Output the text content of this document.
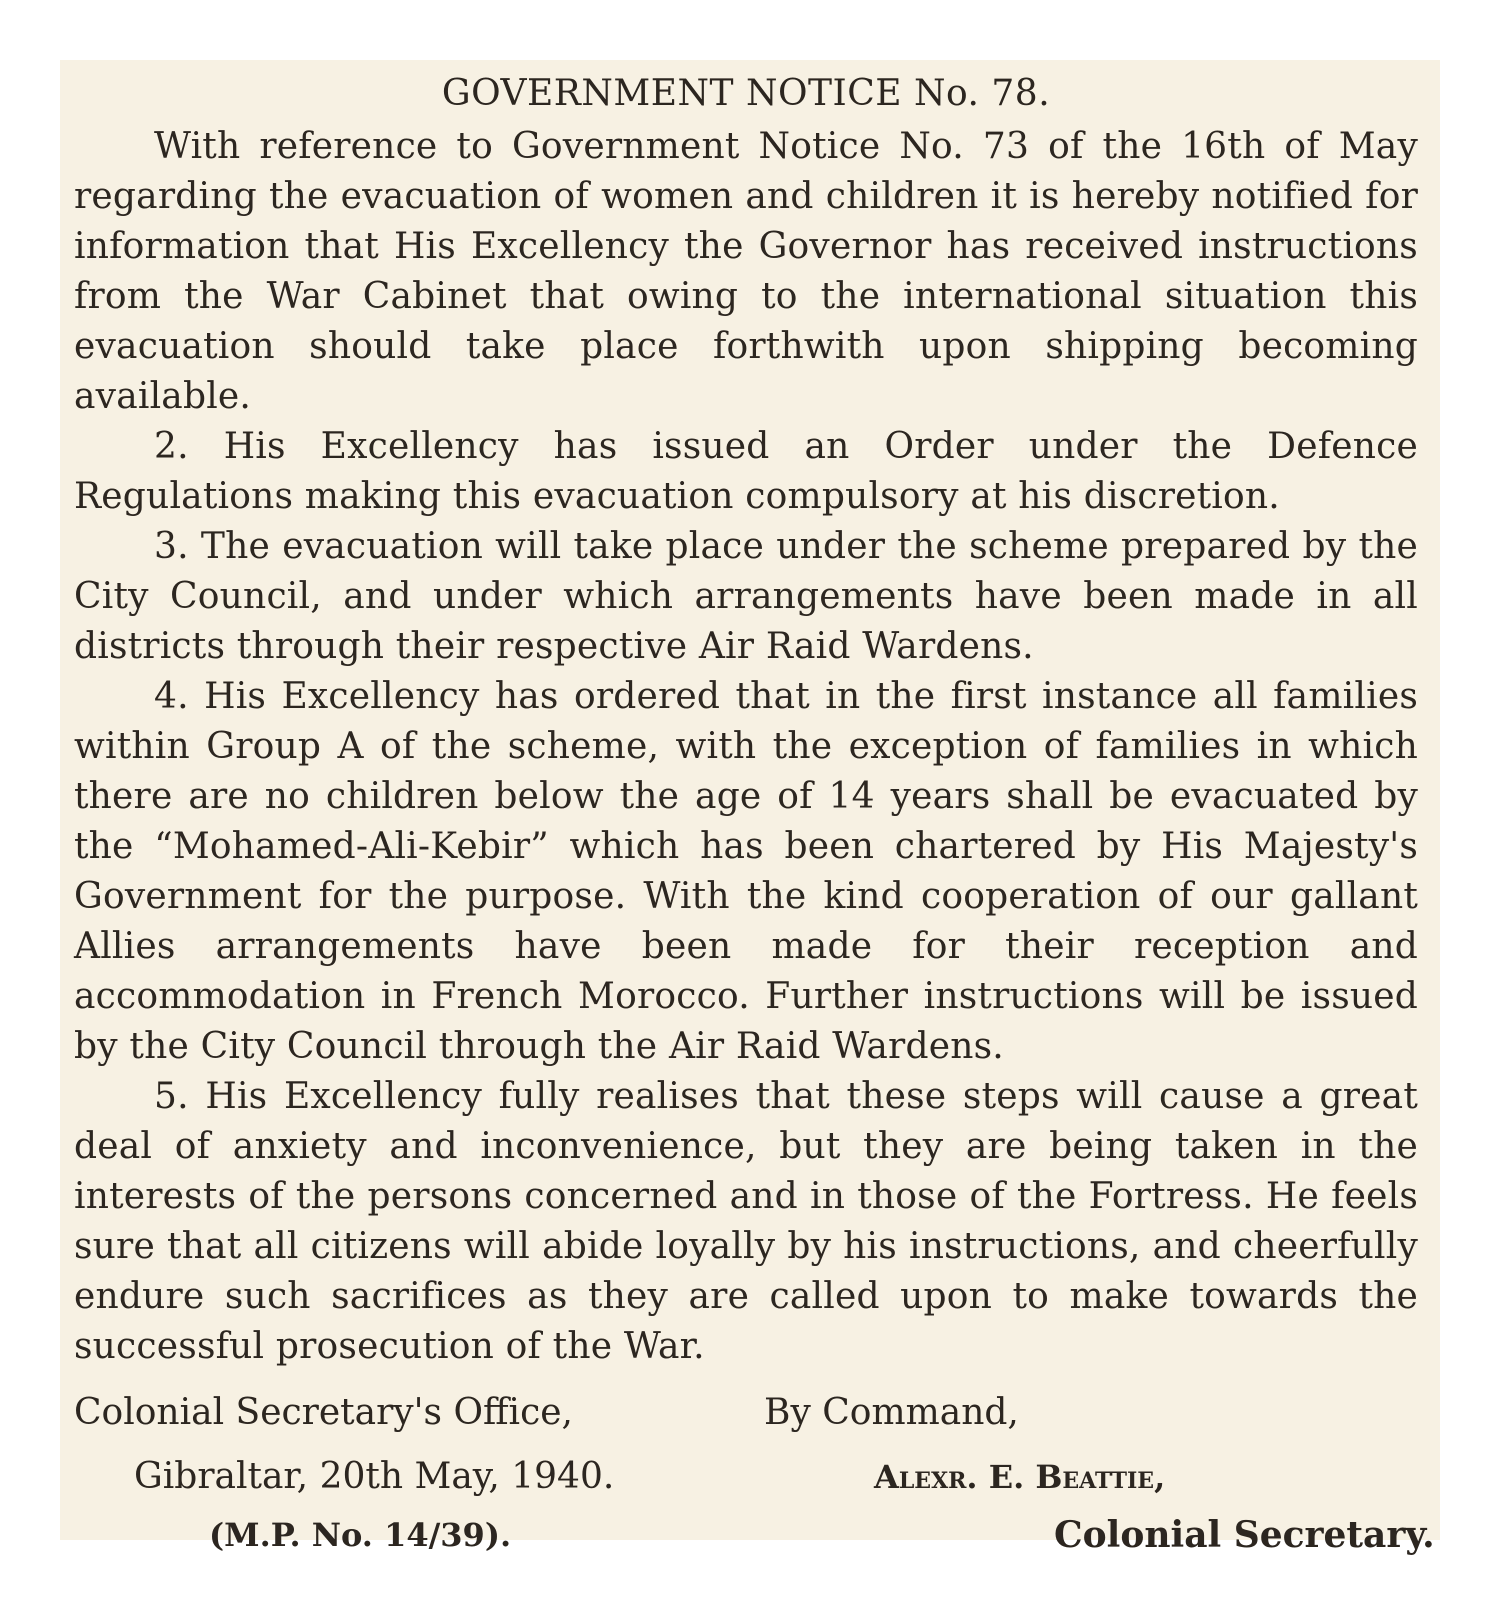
GOVERNMENT NOTICE No. 78.

With reference to Government Notice No. 73 of the 16th of May regarding the evacuation of women and children it is hereby notified for information that His Excellency the Governor has received instructions from the War Cabinet that owing to the international situation this evacuation should take place forthwith upon shipping becoming available.

2. His Excellency has issued an Order under the Defence Regulations making this evacuation compulsory at his discretion.

3. The evacuation will take place under the scheme prepared by the City Council, and under which arrangements have been made in all districts through their respective Air Raid Wardens.

4. His Excellency has ordered that in the first instance all families within Group A of the scheme, with the exception of families in which there are no children below the age of 14 years shall be evacuated by the “Mohamed-Ali-Kebir” which has been chartered by His Majesty's Government for the purpose. With the kind cooperation of our gallant Allies arrangements have been made for their reception and accommodation in French Morocco. Further instructions will be issued by the City Council through the Air Raid Wardens.

5. His Excellency fully realises that these steps will cause a great deal of anxiety and inconvenience, but they are being taken in the interests of the persons concerned and in those of the Fortress. He feels sure that all citizens will abide loyally by his instructions, and cheerfully endure such sacrifices as they are called upon to make towards the successful prosecution of the War.

Colonial Secretary's Office,
Gibraltar, 20th May, 1940.
(M.P. No. 14/39).
By Command,
Alexr. E. Beattie,
Colonial Secretary.
